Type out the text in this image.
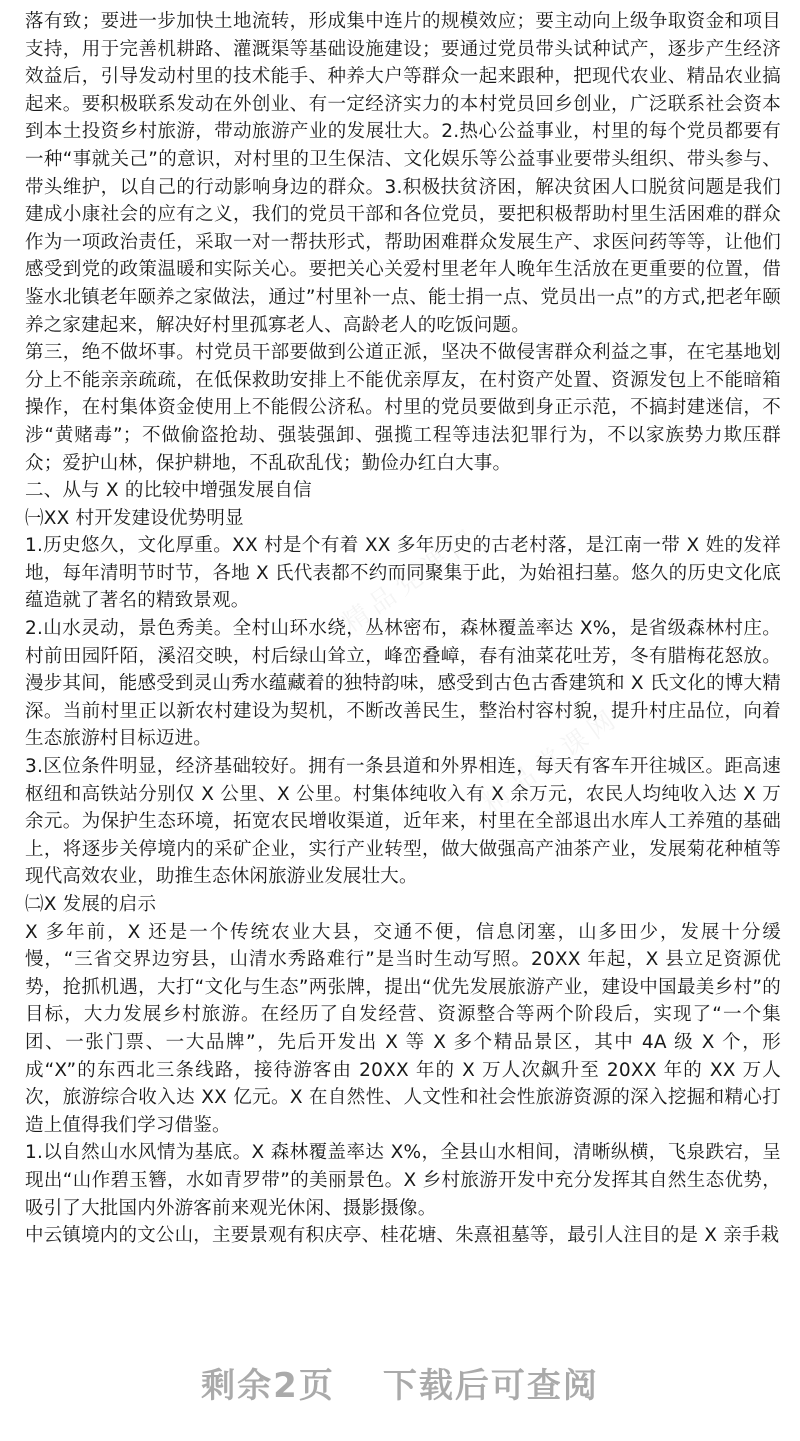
落有致；要进一步加快土地流转，形成集中连片的规模效应；要主动向上级争取资金和项目支持，用于完善机耕路、灌溉渠等基础设施建设；要通过党员带头试种试产，逐步产生经济效益后，引导发动村里的技术能手、种养大户等群众一起来跟种，把现代农业、精品农业搞起来。要积极联系发动在外创业、有一定经济实力的本村党员回乡创业，广泛联系社会资本到本土投资乡村旅游，带动旅游产业的发展壮大。2.热心公益事业，村里的每个党员都要有一种“事就关己”的意识，对村里的卫生保洁、文化娱乐等公益事业要带头组织、带头参与、带头维护，以自己的行动影响身边的群众。3.积极扶贫济困，解决贫困人口脱贫问题是我们建成小康社会的应有之义，我们的党员干部和各位党员，要把积极帮助村里生活困难的群众作为一项政治责任，采取一对一帮扶形式，帮助困难群众发展生产、求医问药等等，让他们感受到党的政策温暖和实际关心。要把关心关爱村里老年人晚年生活放在更重要的位置，借鉴水北镇老年颐养之家做法，通过”村里补一点、能士捐一点、党员出一点”的方式,把老年颐养之家建起来，解决好村里孤寡老人、高龄老人的吃饭问题。

第三，绝不做坏事。村党员干部要做到公道正派，坚决不做侵害群众利益之事，在宅基地划分上不能亲亲疏疏，在低保救助安排上不能优亲厚友，在村资产处置、资源发包上不能暗箱操作，在村集体资金使用上不能假公济私。村里的党员要做到身正示范，不搞封建迷信，不涉“黄赌毒”；不做偷盗抢劫、强装强卸、强揽工程等违法犯罪行为，不以家族势力欺压群众；爱护山林，保护耕地，不乱砍乱伐；勤俭办红白大事。

二、从与 X 的比较中增强发展自信

㈠XX 村开发建设优势明显

1.历史悠久，文化厚重。XX 村是个有着 XX 多年历史的古老村落，是江南一带 X 姓的发祥地，每年清明节时节，各地 X 氏代表都不约而同聚集于此，为始祖扫墓。悠久的历史文化底蕴造就了著名的精致景观。

2.山水灵动，景色秀美。全村山环水绕，丛林密布，森林覆盖率达 X%，是省级森林村庄。村前田园阡陌，溪沼交映，村后绿山耸立，峰峦叠嶂，春有油菜花吐芳，冬有腊梅花怒放。漫步其间，能感受到灵山秀水蕴藏着的独特韵味，感受到古色古香建筑和 X 氏文化的博大精深。当前村里正以新农村建设为契机，不断改善民生，整治村容村貌，提升村庄品位，向着生态旅游村目标迈进。

3.区位条件明显，经济基础较好。拥有一条县道和外界相连，每天有客车开往城区。距高速枢纽和高铁站分别仅 X 公里、X 公里。村集体纯收入有 X 余万元，农民人均纯收入达 X 万余元。为保护生态环境，拓宽农民增收渠道，近年来，村里在全部退出水库人工养殖的基础上，将逐步关停境内的采矿企业，实行产业转型，做大做强高产油茶产业，发展菊花种植等现代高效农业，助推生态休闲旅游业发展壮大。

㈡X 发展的启示

X 多年前，X 还是一个传统农业大县，交通不便，信息闭塞，山多田少，发展十分缓慢，“三省交界边穷县，山清水秀路难行”是当时生动写照。20XX 年起，X 县立足资源优势，抢抓机遇，大打“文化与生态”两张牌，提出“优先发展旅游产业，建设中国最美乡村”的目标，大力发展乡村旅游。在经历了自发经营、资源整合等两个阶段后，实现了“一个集团、一张门票、一大品牌”，先后开发出 X 等 X 多个精品景区，其中 4A 级 X 个，形成“X”的东西北三条线路，接待游客由 20XX 年的 X 万人次飙升至 20XX 年的 XX 万人次，旅游综合收入达 XX 亿元。X 在自然性、人文性和社会性旅游资源的深入挖掘和精心打造上值得我们学习借鉴。

1.以自然山水风情为基底。X 森林覆盖率达 X%，全县山水相间，清晰纵横，飞泉跌宕，呈现出“山作碧玉簪，水如青罗带”的美丽景色。X 乡村旅游开发中充分发挥其自然生态优势，吸引了大批国内外游客前来观光休闲、摄影摄像。

中云镇境内的文公山，主要景观有积庆亭、桂花塘、朱熹祖墓等，最引人注目的是 X 亲手栽

剩余2页 下载后可查阅
